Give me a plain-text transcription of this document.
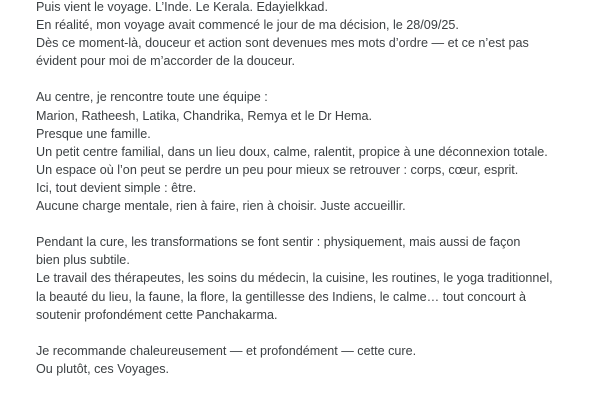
Puis vient le voyage. L’Inde. Le Kerala. Edayielkkad.
En réalité, mon voyage avait commencé le jour de ma décision, le 28/09/25.
Dès ce moment-là, douceur et action sont devenues mes mots d’ordre — et ce n’est pas
évident pour moi de m’accorder de la douceur.
Au centre, je rencontre toute une équipe :
Marion, Ratheesh, Latika, Chandrika, Remya et le Dr Hema.
Presque une famille.
Un petit centre familial, dans un lieu doux, calme, ralentit, propice à une déconnexion totale.
Un espace où l’on peut se perdre un peu pour mieux se retrouver : corps, cœur, esprit.
Ici, tout devient simple : être.
Aucune charge mentale, rien à faire, rien à choisir. Juste accueillir.
Pendant la cure, les transformations se font sentir : physiquement, mais aussi de façon
bien plus subtile.
Le travail des thérapeutes, les soins du médecin, la cuisine, les routines, le yoga traditionnel,
la beauté du lieu, la faune, la flore, la gentillesse des Indiens, le calme… tout concourt à
soutenir profondément cette Panchakarma.
Je recommande chaleureusement — et profondément — cette cure.
Ou plutôt, ces Voyages.
